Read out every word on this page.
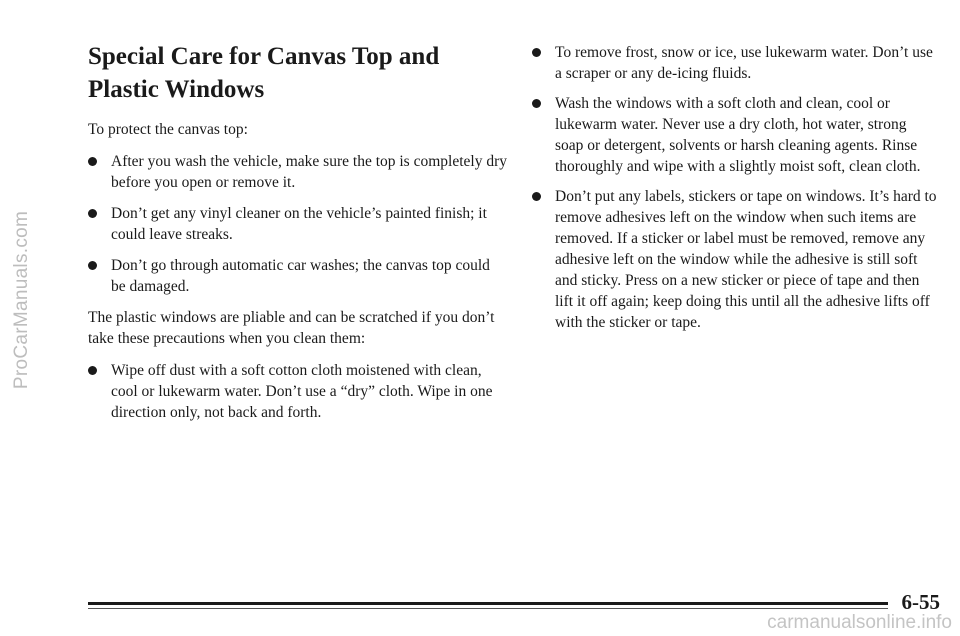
ProCarManuals.com
Special Care for Canvas Top and Plastic Windows

To protect the canvas top:

After you wash the vehicle, make sure the top is completely dry before you open or remove it.
Don’t get any vinyl cleaner on the vehicle’s painted finish; it could leave streaks.
Don’t go through automatic car washes; the canvas top could be damaged.

The plastic windows are pliable and can be scratched if you don’t take these precautions when you clean them:

Wipe off dust with a soft cotton cloth moistened with clean, cool or lukewarm water. Don’t use a “dry” cloth. Wipe in one direction only, not back and forth.
To remove frost, snow or ice, use lukewarm water. Don’t use a scraper or any de-icing fluids.
Wash the windows with a soft cloth and clean, cool or lukewarm water. Never use a dry cloth, hot water, strong soap or detergent, solvents or harsh cleaning agents. Rinse thoroughly and wipe with a slightly moist soft, clean cloth.
Don’t put any labels, stickers or tape on windows. It’s hard to remove adhesives left on the window when such items are removed. If a sticker or label must be removed, remove any adhesive left on the window while the adhesive is still soft and sticky. Press on a new sticker or piece of tape and then lift it off again; keep doing this until all the adhesive lifts off with the sticker or tape.
6-55
carmanualsonline.info
